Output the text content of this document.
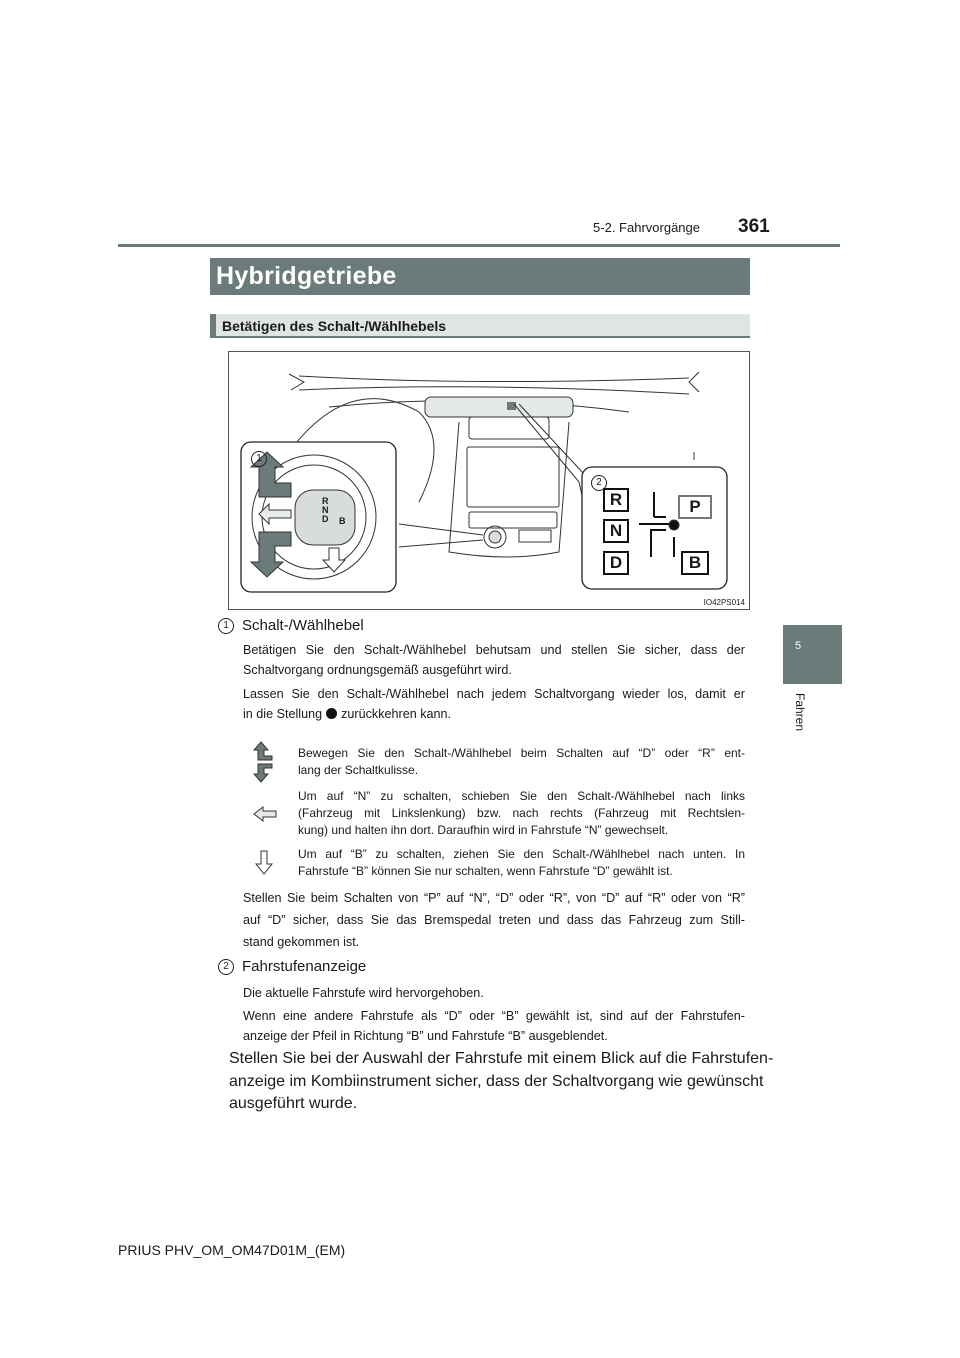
5-2. Fahrvorgänge 361
Hybridgetriebe
Betätigen des Schalt-/Wählhebels
1
2
R
N
D B
R
N
D
P
B
IO42PS014
5
Fahren
1 Schalt-/Wählhebel
Betätigen Sie den Schalt-/Wählhebel behutsam und stellen Sie sicher, dass der
Schaltvorgang ordnungsgemäß ausgeführt wird.
Lassen Sie den Schalt-/Wählhebel nach jedem Schaltvorgang wieder los, damit er
in die Stellung zurückkehren kann.
Bewegen Sie den Schalt-/Wählhebel beim Schalten auf “D” oder “R” ent-
lang der Schaltkulisse.
Um auf “N” zu schalten, schieben Sie den Schalt-/Wählhebel nach links
(Fahrzeug mit Linkslenkung) bzw. nach rechts (Fahrzeug mit Rechtslen-
kung) und halten ihn dort. Daraufhin wird in Fahrstufe “N” gewechselt.
Um auf “B” zu schalten, ziehen Sie den Schalt-/Wählhebel nach unten. In
Fahrstufe “B” können Sie nur schalten, wenn Fahrstufe “D” gewählt ist.
Stellen Sie beim Schalten von “P” auf “N”, “D” oder “R”, von “D” auf “R” oder von “R”
auf “D” sicher, dass Sie das Bremspedal treten und dass das Fahrzeug zum Still-
stand gekommen ist.
2 Fahrstufenanzeige
Die aktuelle Fahrstufe wird hervorgehoben.
Wenn eine andere Fahrstufe als “D” oder “B” gewählt ist, sind auf der Fahrstufen-
anzeige der Pfeil in Richtung “B” und Fahrstufe “B” ausgeblendet.
Stellen Sie bei der Auswahl der Fahrstufe mit einem Blick auf die Fahrstufen-
anzeige im Kombiinstrument sicher, dass der Schaltvorgang wie gewünscht
ausgeführt wurde.
PRIUS PHV_OM_OM47D01M_(EM)
